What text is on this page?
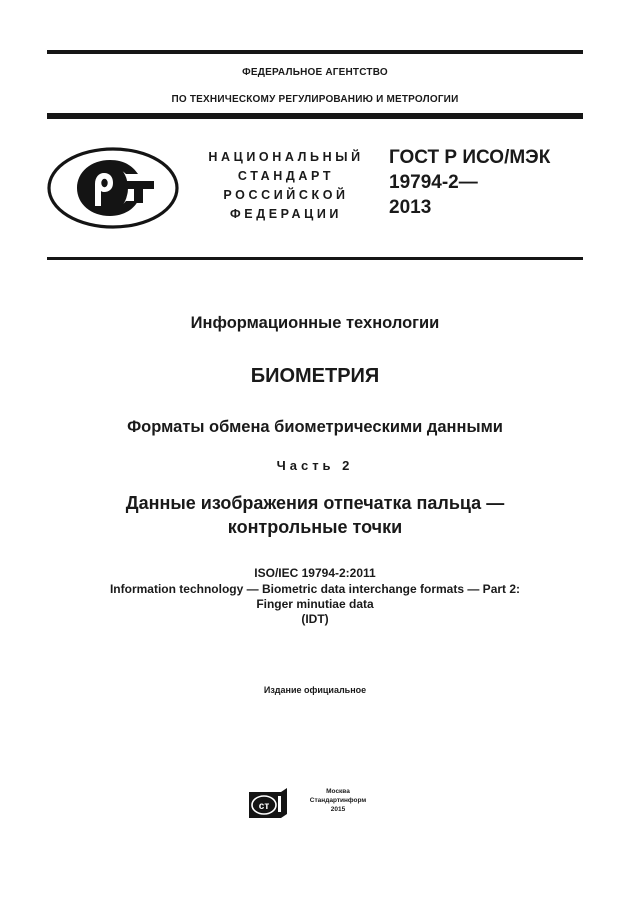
ФЕДЕРАЛЬНОЕ АГЕНТСТВО
ПО ТЕХНИЧЕСКОМУ РЕГУЛИРОВАНИЮ И МЕТРОЛОГИИ
НАЦИОНАЛЬНЫЙ
СТАНДАРТ
РОССИЙСКОЙ
ФЕДЕРАЦИИ
ГОСТ Р ИСО/МЭК
19794-2—
2013
Информационные технологии
БИОМЕТРИЯ
Форматы обмена биометрическими данными
Часть 2
Данные изображения отпечатка пальца —
контрольные точки
ISO/IEC 19794-2:2011
Information technology — Biometric data interchange formats — Part 2:
Finger minutiae data
(IDT)
Издание официальное
ст
Москва
Стандартинформ
2015
